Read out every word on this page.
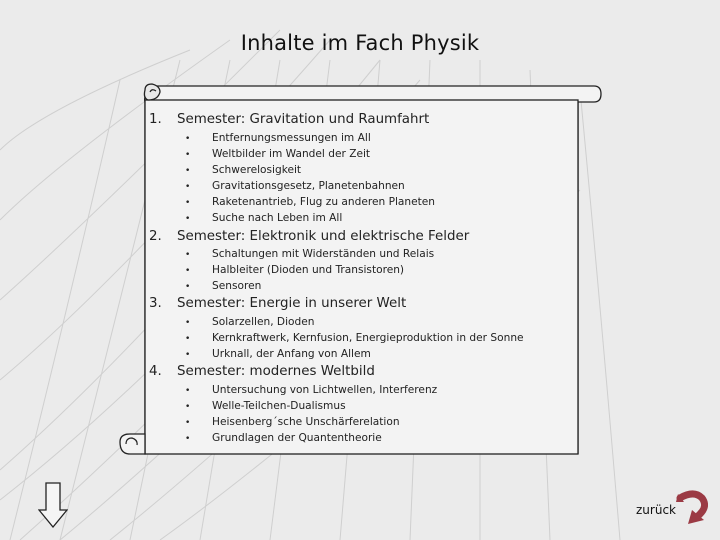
Inhalte im Fach Physik
1. Semester: Gravitation und Raumfahrt
• Entfernungsmessungen im All
• Weltbilder im Wandel der Zeit
• Schwerelosigkeit
• Gravitationsgesetz, Planetenbahnen
• Raketenantrieb, Flug zu anderen Planeten
• Suche nach Leben im All
2. Semester: Elektronik und elektrische Felder
• Schaltungen mit Widerständen und Relais
• Halbleiter (Dioden und Transistoren)
• Sensoren
3. Semester: Energie in unserer Welt
• Solarzellen, Dioden
• Kernkraftwerk, Kernfusion, Energieproduktion in der Sonne
• Urknall, der Anfang von Allem
4. Semester: modernes Weltbild
• Untersuchung von Lichtwellen, Interferenz
• Welle-Teilchen-Dualismus
• Heisenberg´sche Unschärferelation
• Grundlagen der Quantentheorie
zurück
